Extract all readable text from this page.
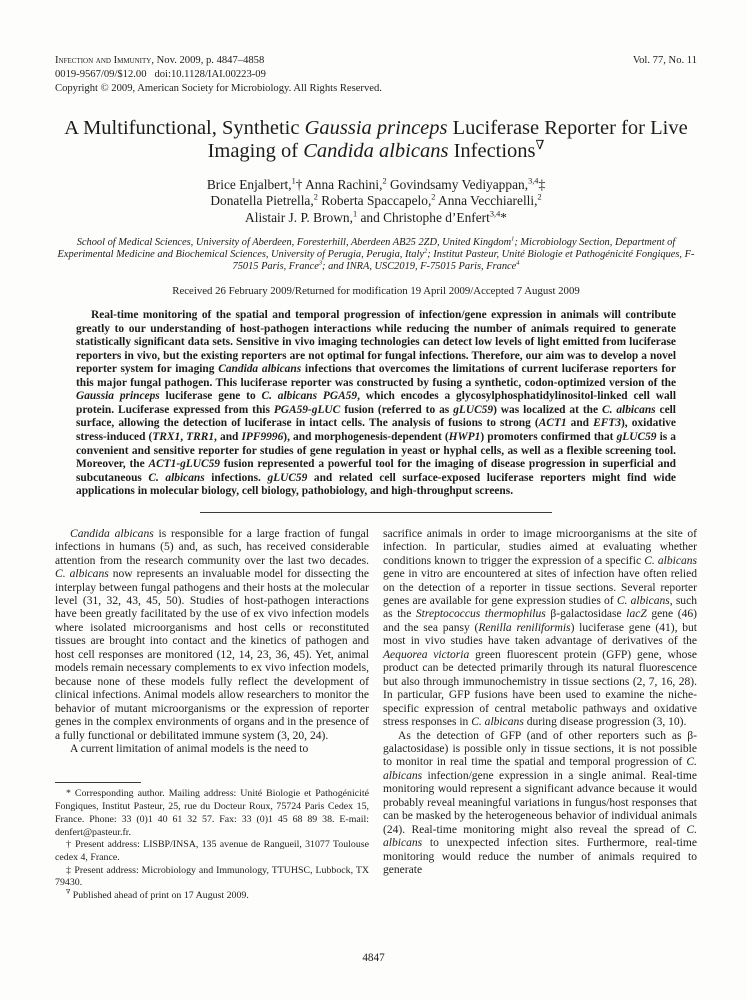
Infection and Immunity, Nov. 2009, p. 4847–4858
0019-9567/09/$12.00   doi:10.1128/IAI.00223-09
Copyright © 2009, American Society for Microbiology. All Rights Reserved.
Vol. 77, No. 11
A Multifunctional, Synthetic Gaussia princeps Luciferase Reporter for Live Imaging of Candida albicans Infections∇
Brice Enjalbert,$^1$† Anna Rachini,$^2$ Govindsamy Vediyappan,$^{3,4}$‡
Donatella Pietrella,$^2$ Roberta Spaccapelo,$^2$ Anna Vecchiarelli,$^2$
Alistair J. P. Brown,$^1$ and Christophe d’Enfert$^{3,4}$*
School of Medical Sciences, University of Aberdeen, Foresterhill, Aberdeen AB25 2ZD, United Kingdom$^1$; Microbiology Section, Department of Experimental Medicine and Biochemical Sciences, University of Perugia, Perugia, Italy$^2$; Institut Pasteur, Unité Biologie et Pathogénicité Fongiques, F-75015 Paris, France$^3$; and INRA, USC2019, F-75015 Paris, France$^4$
Received 26 February 2009/Returned for modification 19 April 2009/Accepted 7 August 2009

Real-time monitoring of the spatial and temporal progression of infection/gene expression in animals will contribute greatly to our understanding of host-pathogen interactions while reducing the number of animals required to generate statistically significant data sets. Sensitive in vivo imaging technologies can detect low levels of light emitted from luciferase reporters in vivo, but the existing reporters are not optimal for fungal infections. Therefore, our aim was to develop a novel reporter system for imaging Candida albicans infections that overcomes the limitations of current luciferase reporters for this major fungal pathogen. This luciferase reporter was constructed by fusing a synthetic, codon-optimized version of the Gaussia princeps luciferase gene to C. albicans PGA59, which encodes a glycosylphosphatidylinositol-linked cell wall protein. Luciferase expressed from this PGA59-gLUC fusion (referred to as gLUC59) was localized at the C. albicans cell surface, allowing the detection of luciferase in intact cells. The analysis of fusions to strong (ACT1 and EFT3), oxidative stress-induced (TRX1, TRR1, and IPF9996), and morphogenesis-dependent (HWP1) promoters confirmed that gLUC59 is a convenient and sensitive reporter for studies of gene regulation in yeast or hyphal cells, as well as a flexible screening tool. Moreover, the ACT1-gLUC59 fusion represented a powerful tool for the imaging of disease progression in superficial and subcutaneous C. albicans infections. gLUC59 and related cell surface-exposed luciferase reporters might find wide applications in molecular biology, cell biology, pathobiology, and high-throughput screens.

Candida albicans is responsible for a large fraction of fungal infections in humans (5) and, as such, has received considerable attention from the research community over the last two decades. C. albicans now represents an invaluable model for dissecting the interplay between fungal pathogens and their hosts at the molecular level (31, 32, 43, 45, 50). Studies of host-pathogen interactions have been greatly facilitated by the use of ex vivo infection models where isolated microorganisms and host cells or reconstituted tissues are brought into contact and the kinetics of pathogen and host cell responses are monitored (12, 14, 23, 36, 45). Yet, animal models remain necessary complements to ex vivo infection models, because none of these models fully reflect the development of clinical infections. Animal models allow researchers to monitor the behavior of mutant microorganisms or the expression of reporter genes in the complex environments of organs and in the presence of a fully functional or debilitated immune system (3, 20, 24).

A current limitation of animal models is the need to

* Corresponding author. Mailing address: Unité Biologie et Pathogénicité Fongiques, Institut Pasteur, 25, rue du Docteur Roux, 75724 Paris Cedex 15, France. Phone: 33 (0)1 40 61 32 57. Fax: 33 (0)1 45 68 89 38. E-mail: denfert@pasteur.fr.

† Present address: LISBP/INSA, 135 avenue de Rangueil, 31077 Toulouse cedex 4, France.

‡ Present address: Microbiology and Immunology, TTUHSC, Lubbock, TX 79430.

∇ Published ahead of print on 17 August 2009.

sacrifice animals in order to image microorganisms at the site of infection. In particular, studies aimed at evaluating whether conditions known to trigger the expression of a specific C. albicans gene in vitro are encountered at sites of infection have often relied on the detection of a reporter in tissue sections. Several reporter genes are available for gene expression studies of C. albicans, such as the Streptococcus thermophilus β-galactosidase lacZ gene (46) and the sea pansy (Renilla reniliformis) luciferase gene (41), but most in vivo studies have taken advantage of derivatives of the Aequorea victoria green fluorescent protein (GFP) gene, whose product can be detected primarily through its natural fluorescence but also through immunochemistry in tissue sections (2, 7, 16, 28). In particular, GFP fusions have been used to examine the niche-specific expression of central metabolic pathways and oxidative stress responses in C. albicans during disease progression (3, 10).

As the detection of GFP (and of other reporters such as β-galactosidase) is possible only in tissue sections, it is not possible to monitor in real time the spatial and temporal progression of C. albicans infection/gene expression in a single animal. Real-time monitoring would represent a significant advance because it would probably reveal meaningful variations in fungus/host responses that can be masked by the heterogeneous behavior of individual animals (24). Real-time monitoring might also reveal the spread of C. albicans to unexpected infection sites. Furthermore, real-time monitoring would reduce the number of animals required to generate

4847
